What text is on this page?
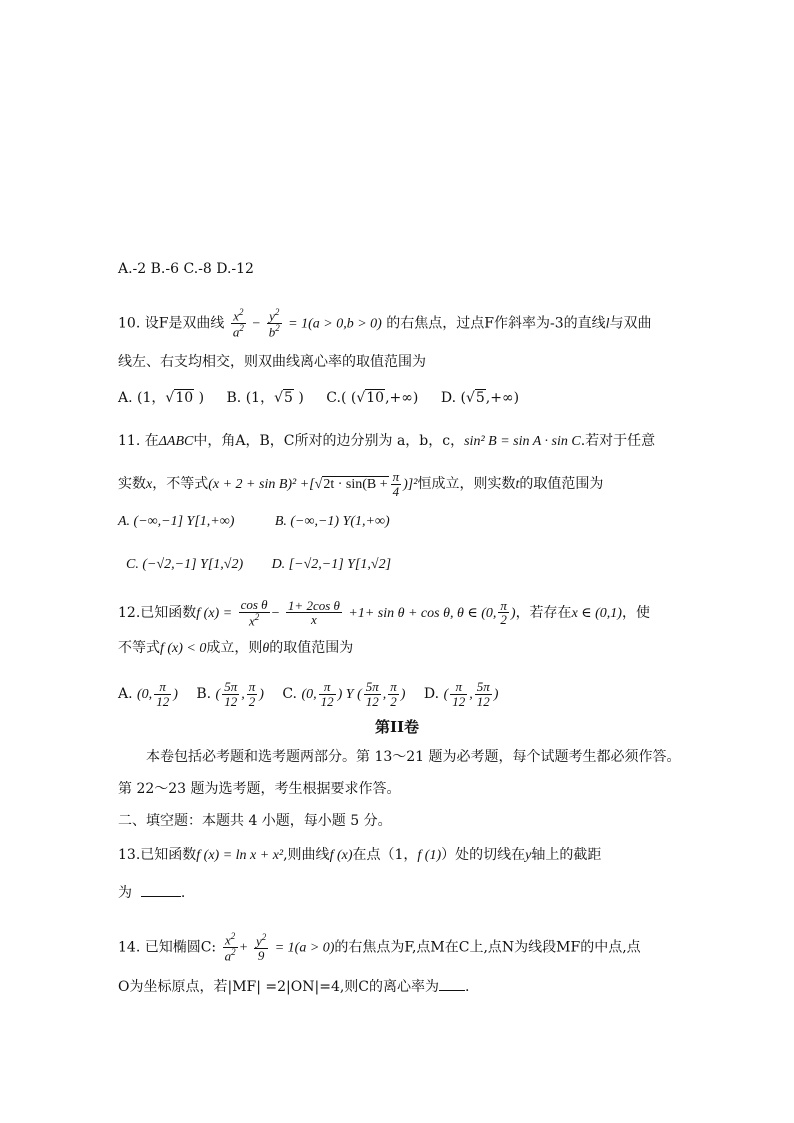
A.-2 B.-6 C.-8 D.-12
10. 设F是双曲线 $\frac{x^2}{a^2} - \frac{y^2}{b^2} = 1(a > 0,b > 0)$ 的右焦点，过点F作斜率为-3的直线l与双曲
线左、右支均相交，则双曲线离心率的取值范围为
A. (1，√10 ) B. (1，√5 ) C.( (√10,+∞) D. (√5,+∞)
11. 在ΔABC中，角A，B，C所对的边分别为 a，b，c，sin² B = sin A · sin C.若对于任意
实数x，不等式$(x + 2 + \sin B)^2 +[√2t \cdot \sin(B + \frac{\pi}{4} )]^2$恒成立，则实数t的取值范围为
A. (−∞,−1] Y[1,+∞)	B. (−∞,−1) Y(1,+∞)
C. (−√2,−1] Y[1,√2) D. [−√2,−1] Y[1,√2]
12.已知函数f $(x) = \frac{\text{cos θ}}{x^2} - \frac{\text{1+ 2cos θ}}{x} +1+ \sin \theta + \cos \theta$, θ ∈ (0, $\frac{\pi}{2}$ )，若存在x ∈ (0,1)，使
不等式f (x) < 0成立，则θ的取值范围为
A. (0, $\frac{\pi}{12}$ ) B. ( $\frac{5\pi}{12}$ , $\frac{\pi}{2}$ ) C. (0, $\frac{\pi}{12}$ ) Y ( $\frac{5\pi}{12}$ , $\frac{\pi}{2}$ ) D. ( $\frac{\pi}{12}$ , $\frac{5\pi}{12}$ )
第II卷
本卷包括必考题和选考题两部分。第 13～21 题为必考题，每个试题考生都必须作答。
第 22～23 题为选考题，考生根据要求作答。
二、填空题：本题共 4 小题，每小题 5 分。
13.已知函数f (x) = ln x + x²,则曲线f (x)在点（1，f (1)）处的切线在y轴上的截距
为	.
14. 已知椭圆C: $\frac{x^2}{a^2} + \frac{y^2}{9} = 1(a > 0)$的右焦点为F,点M在C上,点N为线段MF的中点,点
O为坐标原点，若|MF| =2|ON|=4,则C的离心率为 .
